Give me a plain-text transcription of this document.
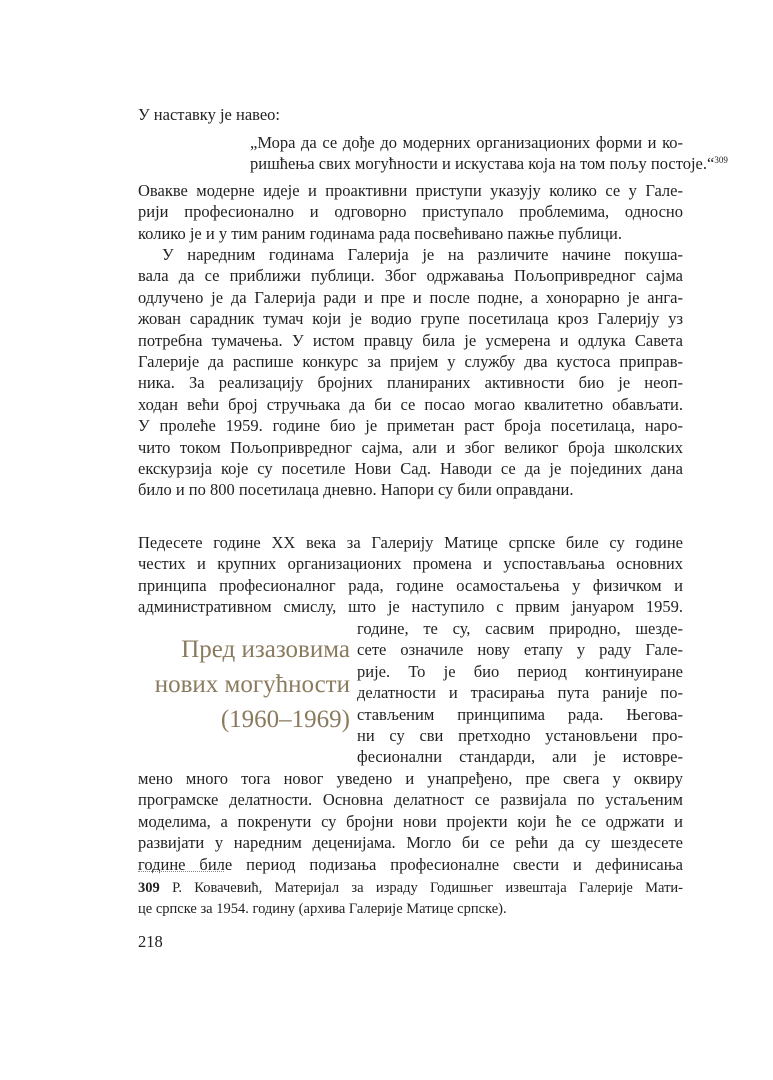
У наставку је навео:
„Мора да се дође до модерних организационих форми и ко-
ришћења свих могућности и искустава која на том пољу постоје.“$^{309}$
Овакве модерне идеје и проактивни приступи указују колико се у Гале-
рији професионално и одговорно приступало проблемима, односно
колико је и у тим раним годинама рада посвећивано пажње публици.
У наредним годинама Галерија је на различите начине покуша-
вала да се приближи публици. Због одржавања Пољопривредног сајма
одлучено је да Галерија ради и пре и после подне, а хонорарно је анга-
жован сарадник тумач који је водио групе посетилаца кроз Галерију уз
потребна тумачења. У истом правцу била је усмерена и одлука Савета
Галерије да распише конкурс за пријем у службу два кустоса приправ-
ника. За реализацију бројних планираних активности био је неоп-
ходан већи број стручњака да би се посао могао квалитетно обављати.
У пролеће 1959. године био је приметан раст броја посетилаца, наро-
чито током Пољопривредног сајма, али и због великог броја школских
екскурзија које су посетиле Нови Сад. Наводи се да је појединих дана
било и по 800 посетилаца дневно. Напори су били оправдани.
Педесете године XX века за Галерију Матице српске биле су године
честих и крупних организационих промена и успостављања основних
принципа професионалног рада, године осамостаљења у физичком и
административном смислу, што је наступило с првим јануаром 1959.
Пред изазовима
нових могућности
(1960–1969)
године, те су, сасвим природно, шезде-
сете означиле нову етапу у раду Гале-
рије. То је био период континуиране
делатности и трасирања пута раније по-
стављеним принципима рада. Његова-
ни су сви претходно установљени про-
фесионални стандарди, али је истовре-
мено много тога новог уведено и унапређено, пре свега у оквиру
програмске делатности. Основна делатност се развијала по устаљеним
моделима, а покренути су бројни нови пројекти који ће се одржати и
развијати у наредним деценијама. Могло би се рећи да су шездесете
године биле период подизања професионалне свести и дефинисања
309 Р. Ковачевић, Материјал за израду Годишњег извештаја Галерије Мати-
це српске за 1954. годину (архива Галерије Матице српске).
218
